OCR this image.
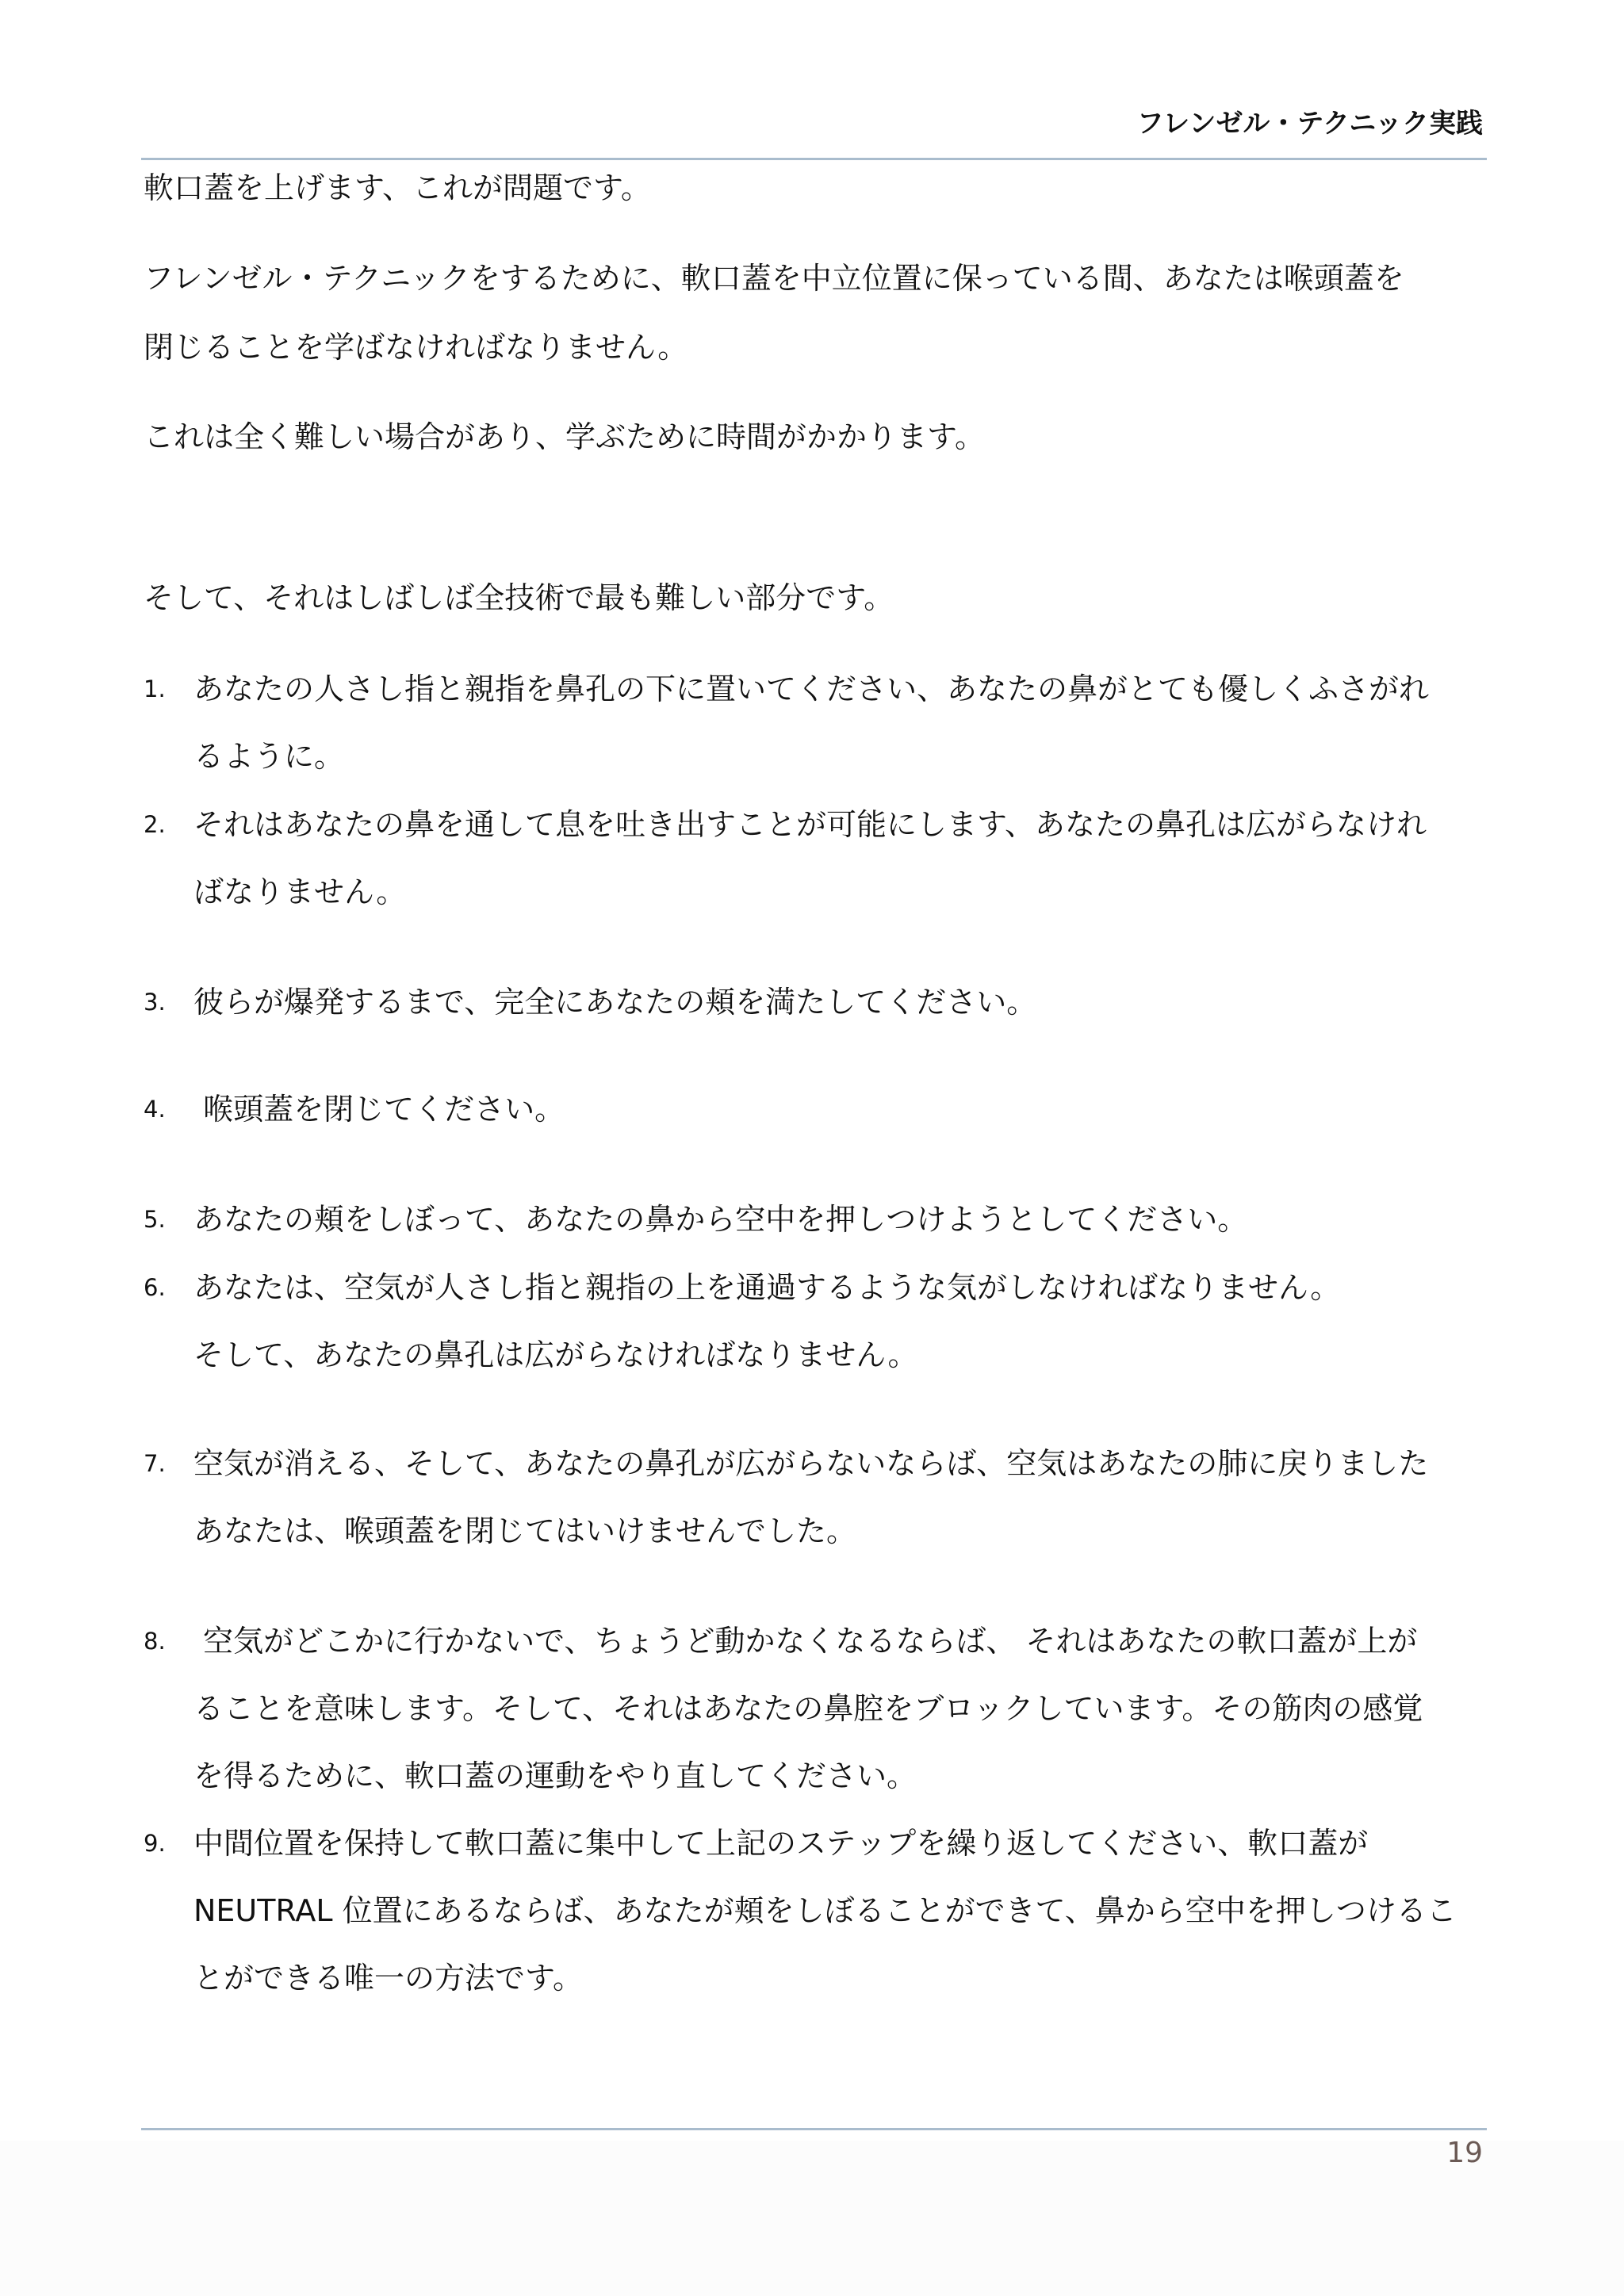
フレンゼル・テクニック実践
軟口蓋を上げます、これが問題です。
フレンゼル・テクニックをするために、軟口蓋を中立位置に保っている間、あなたは喉頭蓋を
閉じることを学ばなければなりません。
これは全く難しい場合があり、学ぶために時間がかかります。
そして、それはしばしば全技術で最も難しい部分です。
1. あなたの人さし指と親指を鼻孔の下に置いてください、あなたの鼻がとても優しくふさがれ
るように。
2. それはあなたの鼻を通して息を吐き出すことが可能にします、あなたの鼻孔は広がらなけれ
ばなりません。
3. 彼らが爆発するまで、完全にあなたの頬を満たしてください。
4. 喉頭蓋を閉じてください。
5. あなたの頬をしぼって、あなたの鼻から空中を押しつけようとしてください。
6. あなたは、空気が人さし指と親指の上を通過するような気がしなければなりません。
そして、あなたの鼻孔は広がらなければなりません。
7. 空気が消える、そして、あなたの鼻孔が広がらないならば、空気はあなたの肺に戻りました
あなたは、喉頭蓋を閉じてはいけませんでした。
8. 空気がどこかに行かないで、ちょうど動かなくなるならば、 それはあなたの軟口蓋が上が
ることを意味します。そして、それはあなたの鼻腔をブロックしています。その筋肉の感覚
を得るために、軟口蓋の運動をやり直してください。
9. 中間位置を保持して軟口蓋に集中して上記のステップを繰り返してください、軟口蓋が
NEUTRAL 位置にあるならば、あなたが頬をしぼることができて、鼻から空中を押しつけるこ
とができる唯一の方法です。
19
